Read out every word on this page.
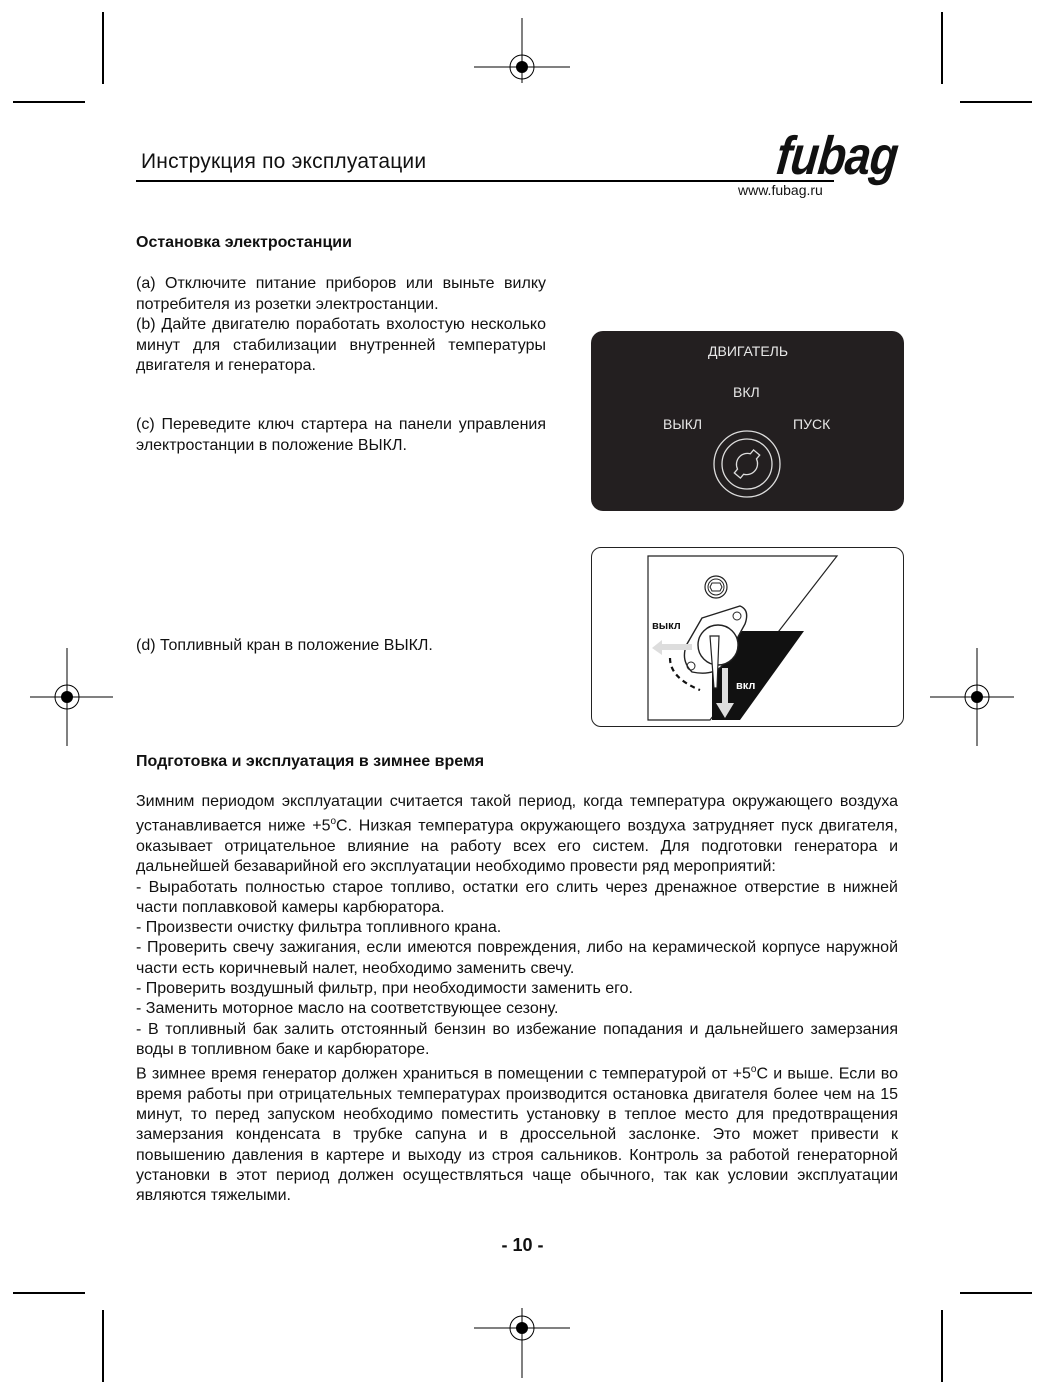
Инструкция по эксплуатации	fubag
www.fubag.ru
Остановка электростанции
(a) Отключите питание приборов или выньте вилку потребителя из розетки электростанции.
(b) Дайте двигателю поработать вхолостую несколько минут для стабилизации внутренней температуры двигателя и генератора.
(c) Переведите ключ стартера на панели управления электростанции в положение ВЫКЛ.
(d) Топливный кран в положение ВЫКЛ.
ДВИГАТЕЛЬ
ВКЛ
ВЫКЛ	ПУСК
выкл
вкл
Подготовка и эксплуатация в зимнее время

Зимним периодом эксплуатации считается такой период, когда температура окружающего воздуха устанавливается ниже $+5^oС$. Низкая температура окружающего воздуха затрудняет пуск двигателя, оказывает отрицательное влияние на работу всех его систем. Для подготовки генератора и дальнейшей безаварийной его эксплуатации необходимо провести ряд мероприятий:

- Выработать полностью старое топливо, остатки его слить через дренажное отверстие в нижней части поплавковой камеры карбюратора.

- Произвести очистку фильтра топливного крана.

- Проверить свечу зажигания, если имеются повреждения, либо на керамической корпусе наружной части есть коричневый налет, необходимо заменить свечу.

- Проверить воздушный фильтр, при необходимости заменить его.

- Заменить моторное масло на соответствующее сезону.

- В топливный бак залить отстоянный бензин во избежание попадания и дальнейшего замерзания воды в топливном баке и карбюраторе.

В зимнее время генератор должен храниться в помещении с температурой от $+5^oС$ и выше. Если во время работы при отрицательных температурах производится остановка двигателя более чем на 15 минут, то перед запуском необходимо поместить установку в теплое место для предотвращения замерзания конденсата в трубке сапуна и в дроссельной заслонке. Это может привести к повышению давления в картере и выходу из строя сальников. Контроль за работой генераторной установки в этот период должен осуществляться чаще обычного, так как условии эксплуатации являются тяжелыми.

- 10 -
